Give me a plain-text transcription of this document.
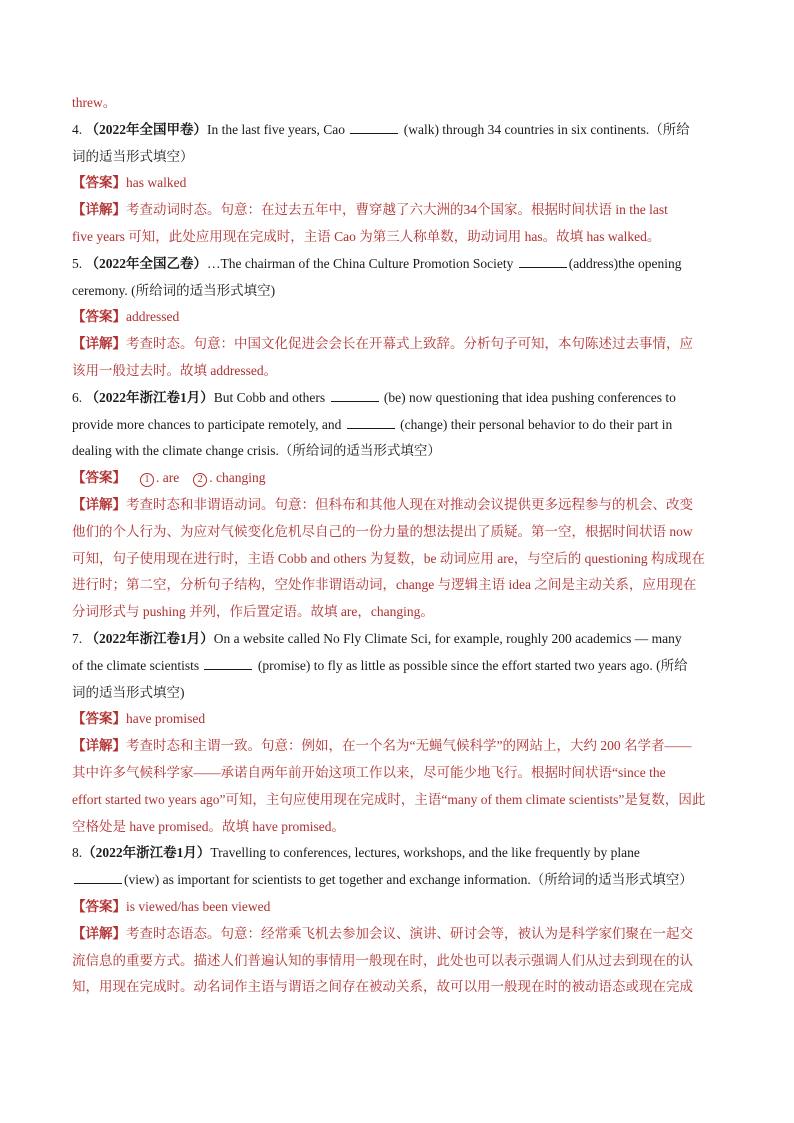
threw。
4. （2022年全国甲卷）In the last five years, Cao	(walk) through 34 countries in six continents.（所给
词的适当形式填空）
【答案】has walked
【详解】考查动词时态。句意：在过去五年中，曹穿越了六大洲的34个国家。根据时间状语 in the last
five years 可知，此处应用现在完成时，主语 Cao 为第三人称单数，助动词用 has。故填 has walked。
5. （2022年全国乙卷）…The chairman of the China Culture Promotion Society	(address)the opening
ceremony. (所给词的适当形式填空)
【答案】addressed
【详解】考查时态。句意：中国文化促进会会长在开幕式上致辞。分析句子可知，本句陈述过去事情，应
该用一般过去时。故填 addressed。
6. （2022年浙江卷1月）But Cobb and others	(be) now questioning that idea pushing conferences to
provide more chances to participate remotely, and	(change) their personal behavior to do their part in
dealing with the climate change crisis.（所给词的适当形式填空）
【答案】 1 . are 2 . changing
【详解】考查时态和非谓语动词。句意：但科布和其他人现在对推动会议提供更多远程参与的机会、改变
他们的个人行为、为应对气候变化危机尽自己的一份力量的想法提出了质疑。第一空，根据时间状语 now
可知，句子使用现在进行时，主语 Cobb and others 为复数，be 动词应用 are，与空后的 questioning 构成现在
进行时；第二空，分析句子结构，空处作非谓语动词，change 与逻辑主语 idea 之间是主动关系，应用现在
分词形式与 pushing 并列，作后置定语。故填 are，changing。
7. （2022年浙江卷1月）On a website called No Fly Climate Sci, for example, roughly 200 academics — many
of the climate scientists	(promise) to fly as little as possible since the effort started two years ago. (所给
词的适当形式填空)
【答案】have promised
【详解】考查时态和主谓一致。句意：例如，在一个名为“无蝇气候科学”的网站上，大约 200 名学者——
其中许多气候科学家——承诺自两年前开始这项工作以来，尽可能少地飞行。根据时间状语“since the
effort started two years ago”可知，主句应使用现在完成时，主语“many of them climate scientists”是复数，因此
空格处是 have promised。故填 have promised。
8.（2022年浙江卷1月）Travelling to conferences, lectures, workshops, and the like frequently by plane
(view) as important for scientists to get together and exchange information.（所给词的适当形式填空）
【答案】is viewed/has been viewed
【详解】考查时态语态。句意：经常乘飞机去参加会议、演讲、研讨会等，被认为是科学家们聚在一起交
流信息的重要方式。描述人们普遍认知的事情用一般现在时，此处也可以表示强调人们从过去到现在的认
知，用现在完成时。动名词作主语与谓语之间存在被动关系，故可以用一般现在时的被动语态或现在完成
